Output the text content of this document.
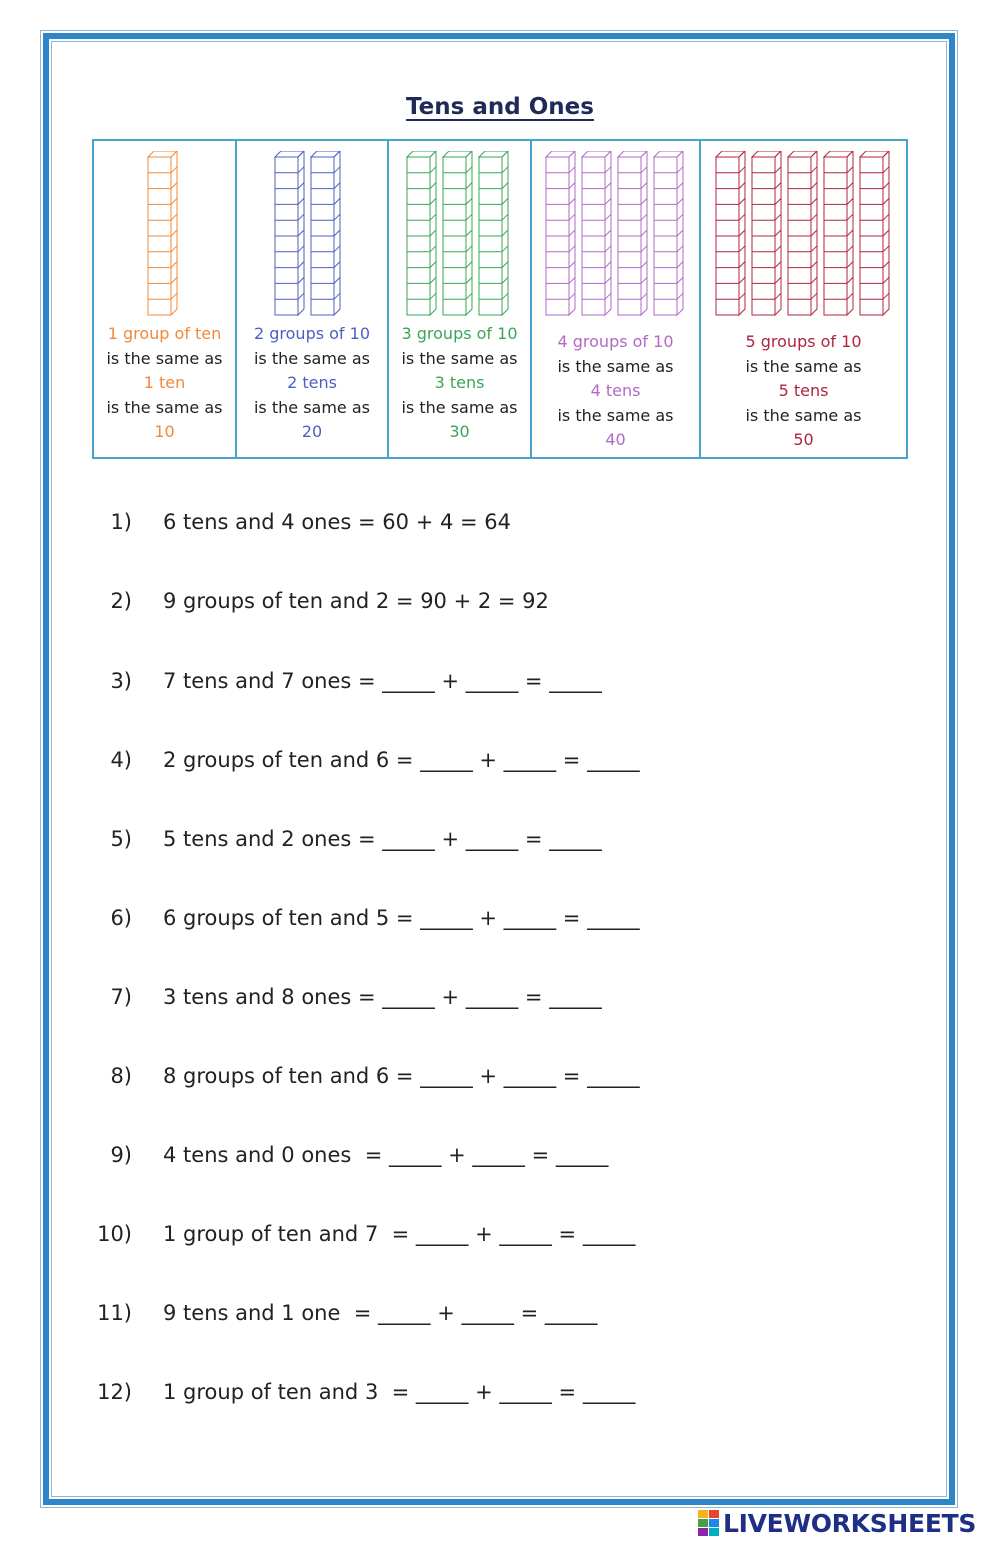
Tens and Ones
1 group of ten
is the same as
1 ten
is the same as
10
2 groups of 10
is the same as
2 tens
is the same as
20
3 groups of 10
is the same as
3 tens
is the same as
30
4 groups of 10
is the same as
4 tens
is the same as
40
5 groups of 10
is the same as
5 tens
is the same as
50
1) 6 tens and 4 ones = 60 + 4 = 64
2) 9 groups of ten and 2 = 90 + 2 = 92
3) 7 tens and 7 ones = _____ + _____ = _____
4) 2 groups of ten and 6 = _____ + _____ = _____
5) 5 tens and 2 ones = _____ + _____ = _____
6) 6 groups of ten and 5 = _____ + _____ = _____
7) 3 tens and 8 ones = _____ + _____ = _____
8) 8 groups of ten and 6 = _____ + _____ = _____
9) 4 tens and 0 ones  = _____ + _____ = _____
10) 1 group of ten and 7  = _____ + _____ = _____
11) 9 tens and 1 one  = _____ + _____ = _____
12) 1 group of ten and 3  = _____ + _____ = _____
LIVEWORKSHEETS
